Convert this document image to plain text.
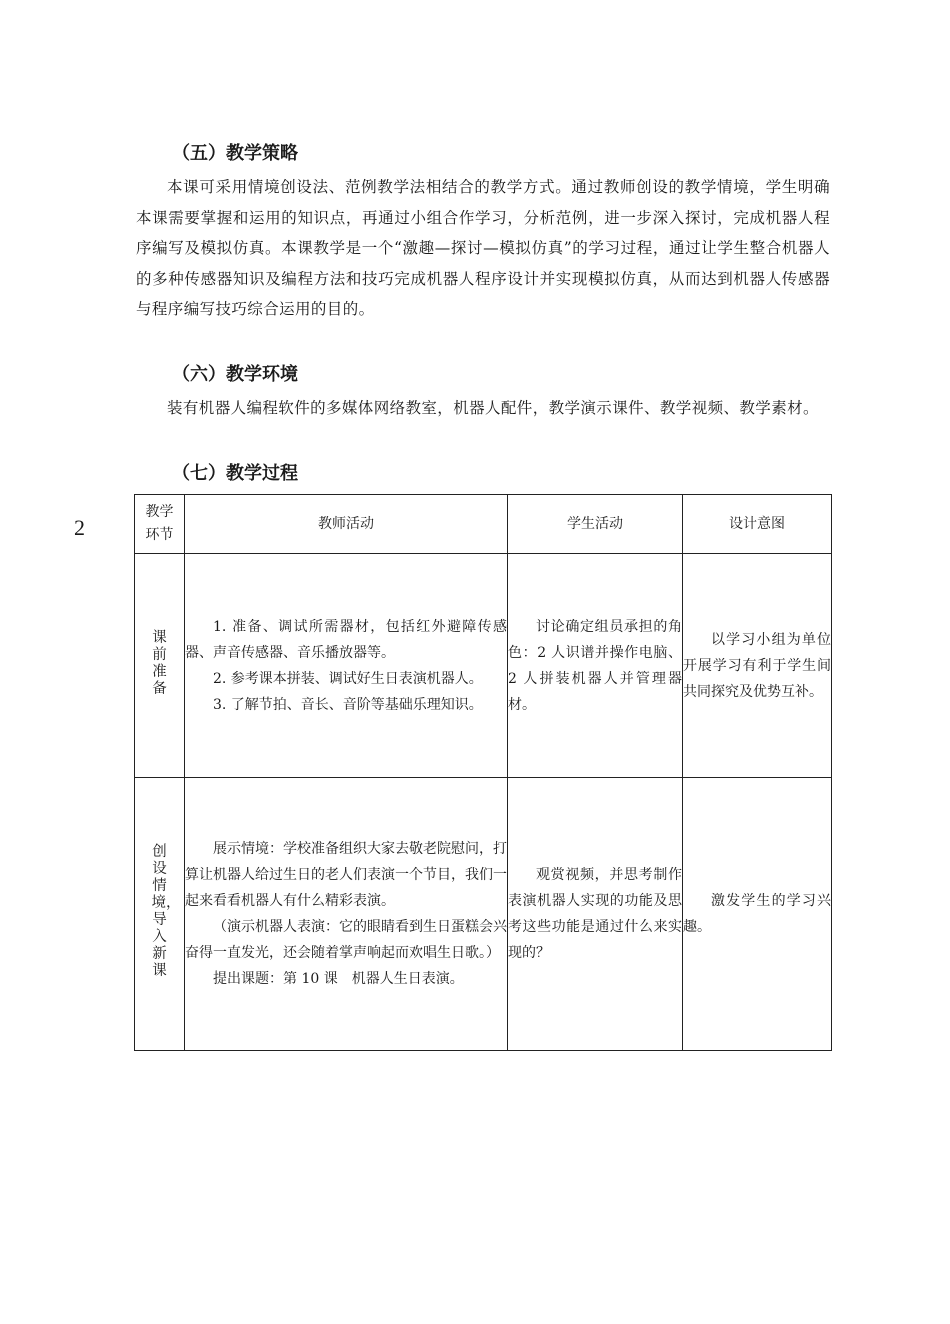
（五）教学策略

本课可采用情境创设法、范例教学法相结合的教学方式。通过教师创设的教学情境，学生明确本课需要掌握和运用的知识点，再通过小组合作学习，分析范例，进一步深入探讨，完成机器人程序编写及模拟仿真。本课教学是一个“激趣—探讨—模拟仿真”的学习过程，通过让学生整合机器人的多种传感器知识及编程方法和技巧完成机器人程序设计并实现模拟仿真，从而达到机器人传感器与程序编写技巧综合运用的目的。

（六）教学环境

装有机器人编程软件的多媒体网络教室，机器人配件，教学演示课件、教学视频、教学素材。

（七）教学过程
2
教学
环节	教师活动	学生活动	设计意图
课前准备	1. 准备、调试所需器材，包括红外避障传感器、声音传感器、音乐播放器等。

2. 参考课本拼装、调试好生日表演机器人。

3. 了解节拍、音长、音阶等基础乐理知识。	讨论确定组员承担的角色：2 人识谱并操作电脑、2 人拼装机器人并管理器材。	以学习小组为单位开展学习有利于学生间共同探究及优势互补。

创设情境，导入新课	展示情境：学校准备组织大家去敬老院慰问，打算让机器人给过生日的老人们表演一个节目，我们一起来看看机器人有什么精彩表演。

（演示机器人表演：它的眼睛看到生日蛋糕会兴奋得一直发光，还会随着掌声响起而欢唱生日歌。）

提出课题：第 10 课　机器人生日表演。	观赏视频，并思考制作表演机器人实现的功能及思考这些功能是通过什么来实现的？	激发学生的学习兴趣。
